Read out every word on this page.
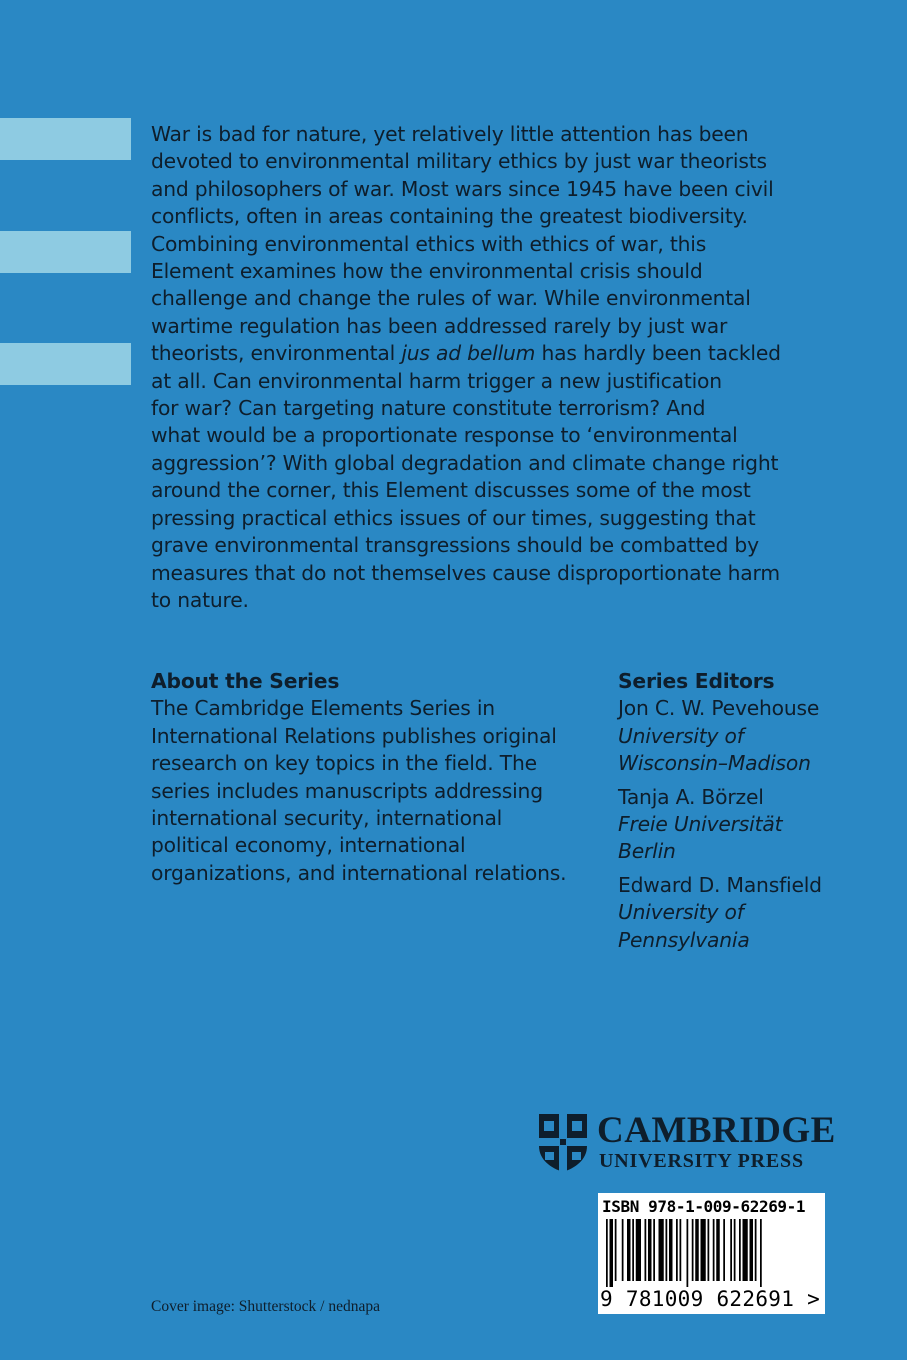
War is bad for nature, yet relatively little attention has been
devoted to environmental military ethics by just war theorists
and philosophers of war. Most wars since 1945 have been civil
conflicts, often in areas containing the greatest biodiversity.
Combining environmental ethics with ethics of war, this
Element examines how the environmental crisis should
challenge and change the rules of war. While environmental
wartime regulation has been addressed rarely by just war
theorists, environmental jus ad bellum has hardly been tackled
at all. Can environmental harm trigger a new justification
for war? Can targeting nature constitute terrorism? And
what would be a proportionate response to ‘environmental
aggression’? With global degradation and climate change right
around the corner, this Element discusses some of the most
pressing practical ethics issues of our times, suggesting that
grave environmental transgressions should be combatted by
measures that do not themselves cause disproportionate harm
to nature.
About the Series
The Cambridge Elements Series in
International Relations publishes original
research on key topics in the field. The
series includes manuscripts addressing
international security, international
political economy, international
organizations, and international relations.
Series Editors
Jon C. W. Pevehouse
University of
Wisconsin–Madison
Tanja A. Börzel
Freie Universität
Berlin
Edward D. Mansfield
University of
Pennsylvania
CAMBRIDGE
UNIVERSITY PRESS
ISBN 978-1-009-62269-1
9 781009 622691 >
Cover image: Shutterstock / nednapa
